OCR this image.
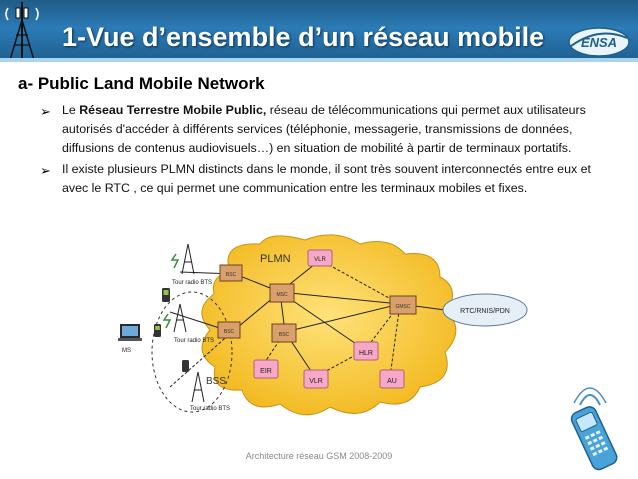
1-Vue d’ensemble d’un réseau mobile	ENSA
a- Public Land Mobile Network
➢ Le Réseau Terrestre Mobile Public, réseau de télécommunications qui permet aux utilisateurs autorisés d'accéder à différents services (téléphonie, messagerie, transmissions de données, diffusions de contenus audiovisuels…) en situation de mobilité à partir de terminaux portatifs.
➢ Il existe plusieurs PLMN distincts dans le monde, il sont très souvent interconnectés entre eux et avec le RTC , ce qui permet une communication entre les terminaux mobiles et fixes.
PLMN
BSS
BSC
MSC
BSC	BSC
GMSC
VLR
HLR
EIR
VLR	AU
RTC/RNIS/PDN
Tour radio BTS
Tour radio BTS
Tour radio BTS
MS
Architecture réseau GSM 2008-2009
